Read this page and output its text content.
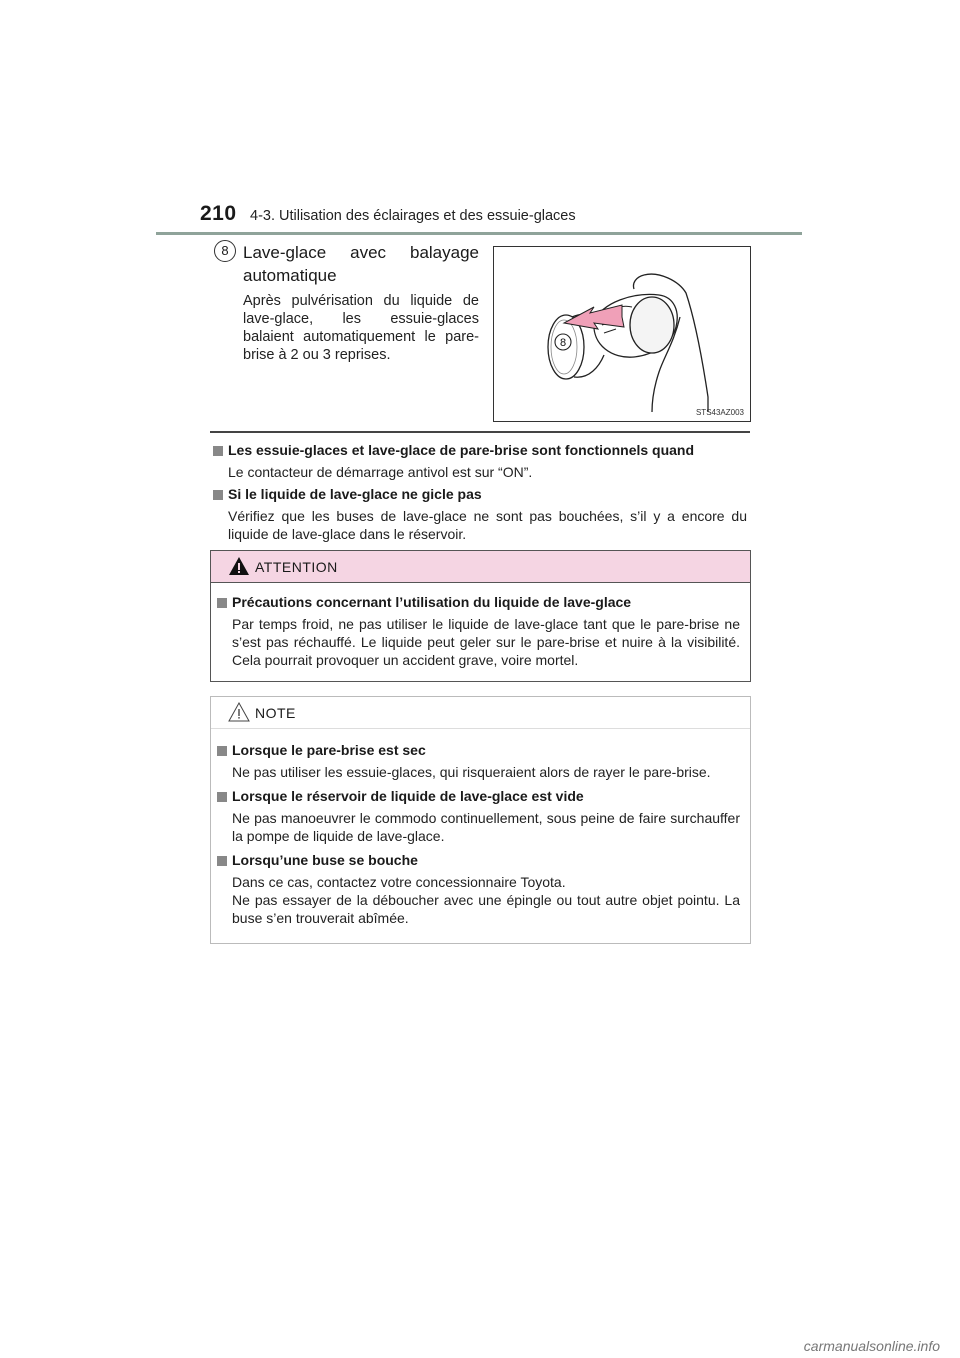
210 4-3. Utilisation des éclairages et des essuie-glaces
8 Lave-glace avec balayage
automatique
Après pulvérisation du liquide de lave-glace, les essuie-glaces balaient automatiquement le pare-brise à 2 ou 3 reprises.
8
STS43AZ003
Les essuie-glaces et lave-glace de pare-brise sont fonctionnels quand
Le contacteur de démarrage antivol est sur “ON”.
Si le liquide de lave-glace ne gicle pas
Vérifiez que les buses de lave-glace ne sont pas bouchées, s’il y a encore du liquide de lave-glace dans le réservoir.
ATTENTION
Précautions concernant l’utilisation du liquide de lave-glace
Par temps froid, ne pas utiliser le liquide de lave-glace tant que le pare-brise ne s’est pas réchauffé. Le liquide peut geler sur le pare-brise et nuire à la visibilité. Cela pourrait provoquer un accident grave, voire mortel.
NOTE
Lorsque le pare-brise est sec
Ne pas utiliser les essuie-glaces, qui risqueraient alors de rayer le pare-brise.
Lorsque le réservoir de liquide de lave-glace est vide
Ne pas manoeuvrer le commodo continuellement, sous peine de faire surchauffer la pompe de liquide de lave-glace.
Lorsqu’une buse se bouche
Dans ce cas, contactez votre concessionnaire Toyota.
Ne pas essayer de la déboucher avec une épingle ou tout autre objet pointu. La buse s’en trouverait abîmée.
carmanualsonline.info
